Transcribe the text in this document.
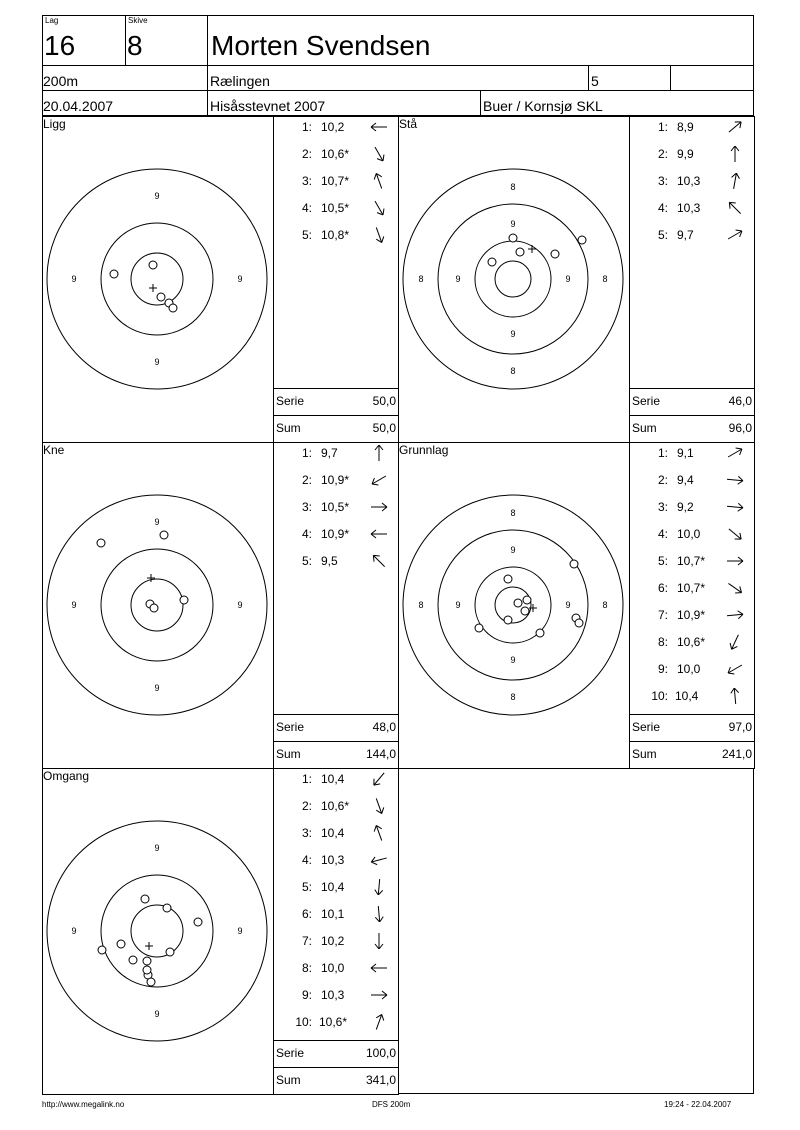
Lag
16
Skive
8 Morten Svendsen
200m	Rælingen	5
20.04.2007	Hisåsstevnet 2007	Buer / Kornsjø SKL
Ligg
9
9
9	9
1: 10,2
2: 10,6*
3: 10,7*
4: 10,5*
5: 10,8*
Serie	50,0
Sum	50,0
Stå
8
8
8	8
9
9
9	9
1: 8,9
2: 9,9
3: 10,3
4: 10,3
5: 9,7
Serie	46,0
Sum	96,0
Kne
9
9
9	9
1: 9,7
2: 10,9*
3: 10,5*
4: 10,9*
5: 9,5
Serie	48,0
Sum	144,0
Grunnlag
8
8
8	8
9
9
9	9
1: 9,1
2: 9,4
3: 9,2
4: 10,0
5: 10,7*
6: 10,7*
7: 10,9*
8: 10,6*
9: 10,0
10: 10,4
Serie	97,0
Sum	241,0
Omgang
9
9
9	9
1: 10,4
2: 10,6*
3: 10,4
4: 10,3
5: 10,4
6: 10,1
7: 10,2
8: 10,0
9: 10,3
10: 10,6*
Serie	100,0
Sum	341,0
http://www.megalink.no	DFS 200m	19:24 - 22.04.2007
